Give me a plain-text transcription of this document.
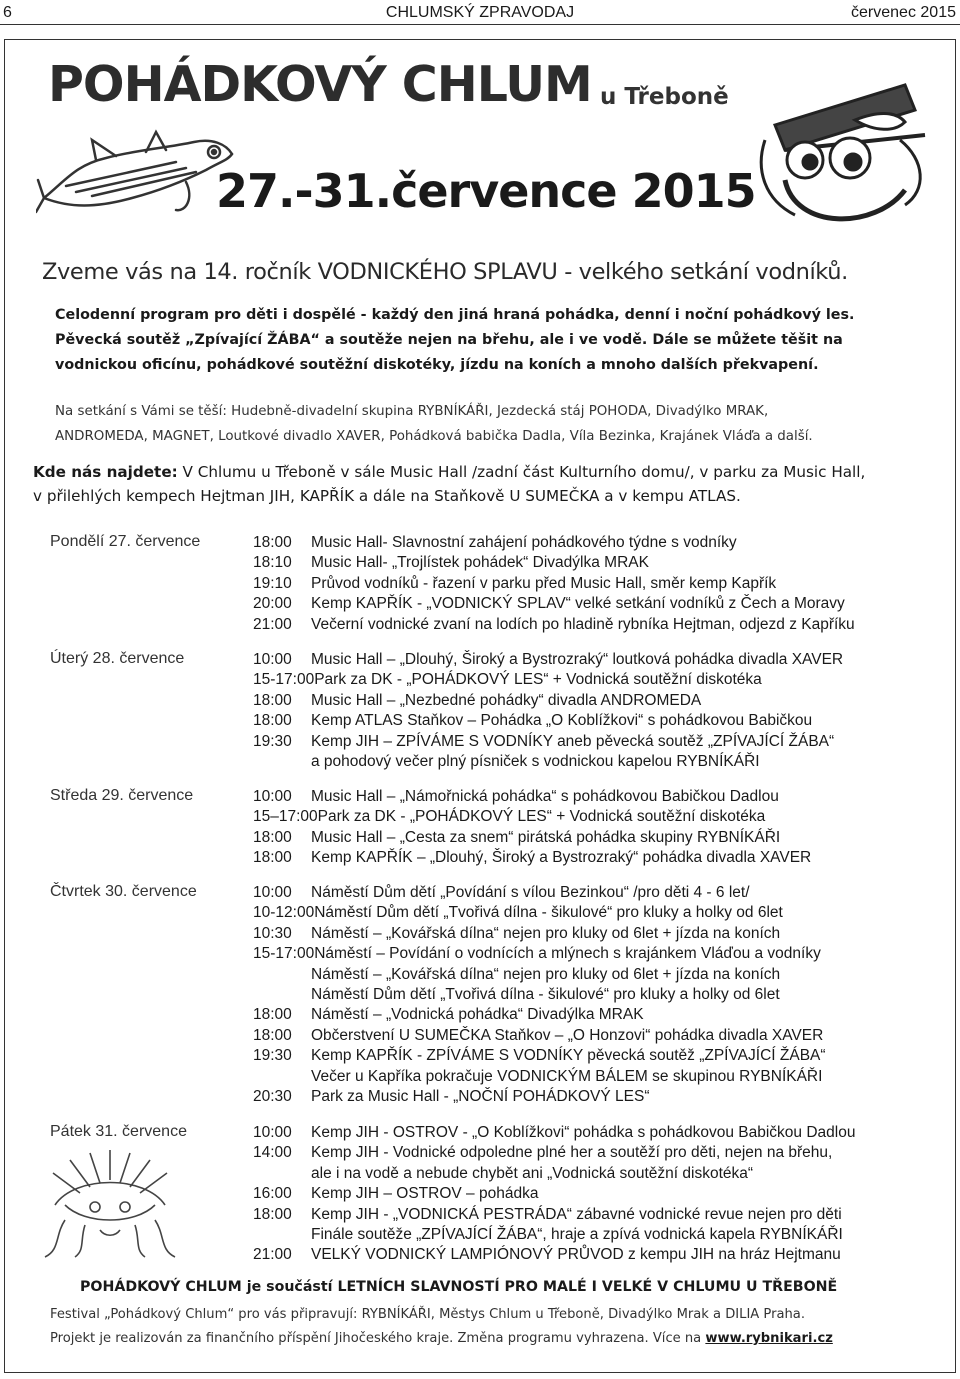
6	CHLUMSKÝ ZPRAVODAJ	červenec 2015
POHÁDKOVÝ CHLUM u Třeboně
27.-31.července 2015
Zveme vás na 14. ročník VODNICKÉHO SPLAVU - velkého setkání vodníků.
Celodenní program pro děti i dospělé - každý den jiná hraná pohádka, denní i noční pohádkový les.
Pěvecká soutěž „Zpívající ŽÁBA“ a soutěže nejen na břehu, ale i ve vodě. Dále se můžete těšit na
vodnickou oficínu, pohádkové soutěžní diskotéky, jízdu na koních a mnoho dalších překvapení.
Na setkání s Vámi se těší: Hudebně-divadelní skupina RYBNÍKÁŘI, Jezdecká stáj POHODA, Divadýlko MRAK,
ANDROMEDA, MAGNET, Loutkové divadlo XAVER, Pohádková babička Dadla, Víla Bezinka, Krajánek Vláďa a další.
Kde nás najdete: V Chlumu u Třeboně v sále Music Hall /zadní část Kulturního domu/, v parku za Music Hall,
v přilehlých kempech Hejtman JIH, KAPŘÍK a dále na Staňkově U SUMEČKA a v kempu ATLAS.
Pondělí 27. července	18:00 Music Hall- Slavnostní zahájení pohádkového týdne s vodníky
18:10 Music Hall- „Trojlístek pohádek“ Divadýlka MRAK
19:10 Průvod vodníků - řazení v parku před Music Hall, směr kemp Kapřík
20:00 Kemp KAPŘÍK - „VODNICKÝ SPLAV“ velké setkání vodníků z Čech a Moravy
21:00 Večerní vodnické zvaní na lodích po hladině rybníka Hejtman, odjezd z Kapříku
Úterý 28. července	10:00 Music Hall – „Dlouhý, Široký a Bystrozraký“ loutková pohádka divadla XAVER
15-17:00Park za DK - „POHÁDKOVÝ LES“ + Vodnická soutěžní diskotéka
18:00 Music Hall – „Nezbedné pohádky“ divadla ANDROMEDA
18:00 Kemp ATLAS Staňkov – Pohádka „O Koblížkovi“ s pohádkovou Babičkou
19:30 Kemp JIH – ZPÍVÁME S VODNÍKY aneb pěvecká soutěž „ZPÍVAJÍCÍ ŽÁBA“
a pohodový večer plný písniček s vodnickou kapelou RYBNÍKÁŘI
Středa 29. července	10:00 Music Hall – „Námořnická pohádka“ s pohádkovou Babičkou Dadlou
15–17:00Park za DK - „POHÁDKOVÝ LES“ + Vodnická soutěžní diskotéka
18:00 Music Hall – „Cesta za snem“ pirátská pohádka skupiny RYBNÍKÁŘI
18:00 Kemp KAPŘÍK – „Dlouhý, Široký a Bystrozraký“ pohádka divadla XAVER
Čtvrtek 30. července	10:00 Náměstí Dům dětí „Povídání s vílou Bezinkou“ /pro děti 4 - 6 let/
10-12:00Náměstí Dům dětí „Tvořivá dílna - šikulové“ pro kluky a holky od 6let
10:30 Náměstí – „Kovářská dílna“ nejen pro kluky od 6let + jízda na koních
15-17:00Náměstí – Povídání o vodnících a mlýnech s krajánkem Vláďou a vodníky
Náměstí – „Kovářská dílna“ nejen pro kluky od 6let + jízda na koních
Náměstí Dům dětí „Tvořivá dílna - šikulové“ pro kluky a holky od 6let
18:00 Náměstí – „Vodnická pohádka“ Divadýlka MRAK
18:00 Občerstvení U SUMEČKA Staňkov – „O Honzovi“ pohádka divadla XAVER
19:30 Kemp KAPŘÍK - ZPÍVÁME S VODNÍKY pěvecká soutěž „ZPÍVAJÍCÍ ŽÁBA“
Večer u Kapříka pokračuje VODNICKÝM BÁLEM se skupinou RYBNÍKÁŘI
20:30 Park za Music Hall - „NOČNÍ POHÁDKOVÝ LES“
Pátek 31. července	10:00 Kemp JIH - OSTROV - „O Koblížkovi“ pohádka s pohádkovou Babičkou Dadlou
14:00 Kemp JIH - Vodnické odpoledne plné her a soutěží pro děti, nejen na břehu,
ale i na vodě a nebude chybět ani „Vodnická soutěžní diskotéka“
16:00 Kemp JIH – OSTROV – pohádka
18:00 Kemp JIH - „VODNICKÁ PESTRÁDA“ zábavné vodnické revue nejen pro děti
Finále soutěže „ZPÍVAJÍCÍ ŽÁBA“, hraje a zpívá vodnická kapela RYBNÍKÁŘI
21:00 VELKÝ VODNICKÝ LAMPIÓNOVÝ PRŮVOD z kempu JIH na hráz Hejtmanu
POHÁDKOVÝ CHLUM je součástí LETNÍCH SLAVNOSTÍ PRO MALÉ I VELKÉ V CHLUMU U TŘEBONĚ
Festival „Pohádkový Chlum“ pro vás připravují: RYBNÍKÁŘI, Městys Chlum u Třeboně, Divadýlko Mrak a DILIA Praha.
Projekt je realizován za finančního příspění Jihočeského kraje. Změna programu vyhrazena. Více na www.rybnikari.cz
